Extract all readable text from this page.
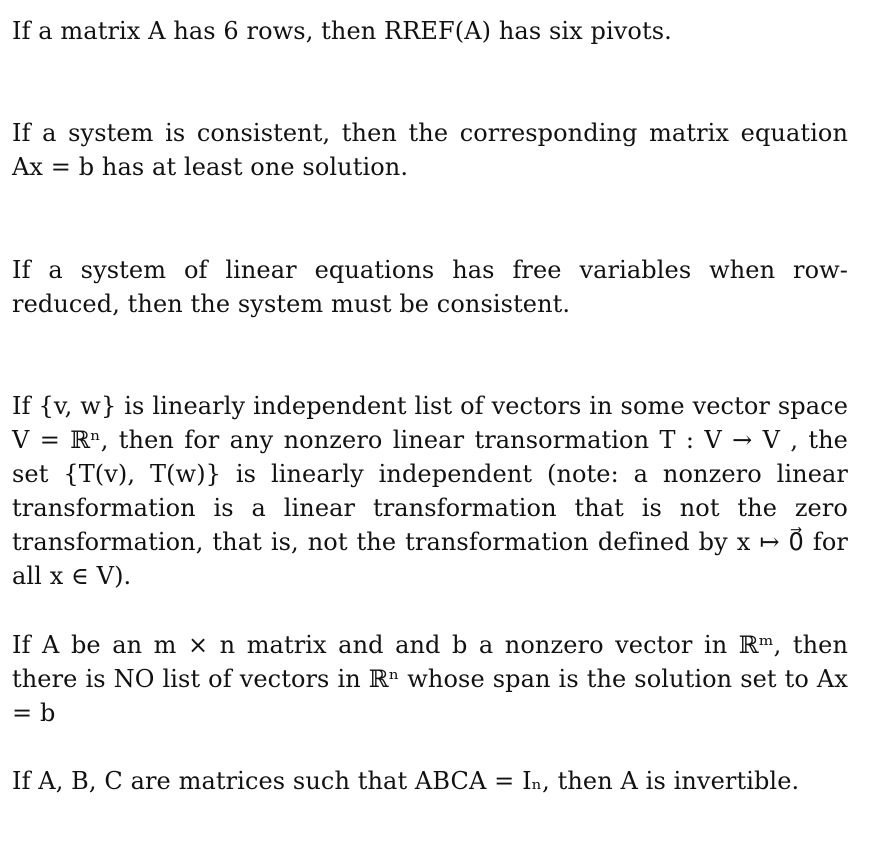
If a matrix A has 6 rows, then RREF(A) has six pivots.
If a system is consistent, then the corresponding matrix equation Ax = b has at least one solution.
If a system of linear equations has free variables when row-reduced, then the system must be consistent.
If {v, w} is linearly independent list of vectors in some vector space V = ℝⁿ, then for any nonzero linear transormation T : V → V , the set {T(v), T(w)} is linearly independent (note: a nonzero linear transformation is a linear transformation that is not the zero transformation, that is, not the transformation defined by x ↦ 0⃗ for all x ∈ V).
If A be an m × n matrix and and b a nonzero vector in ℝᵐ, then there is NO list of vectors in ℝⁿ whose span is the solution set to Ax = b
If A, B, C are matrices such that ABCA = Iₙ, then A is invertible.
